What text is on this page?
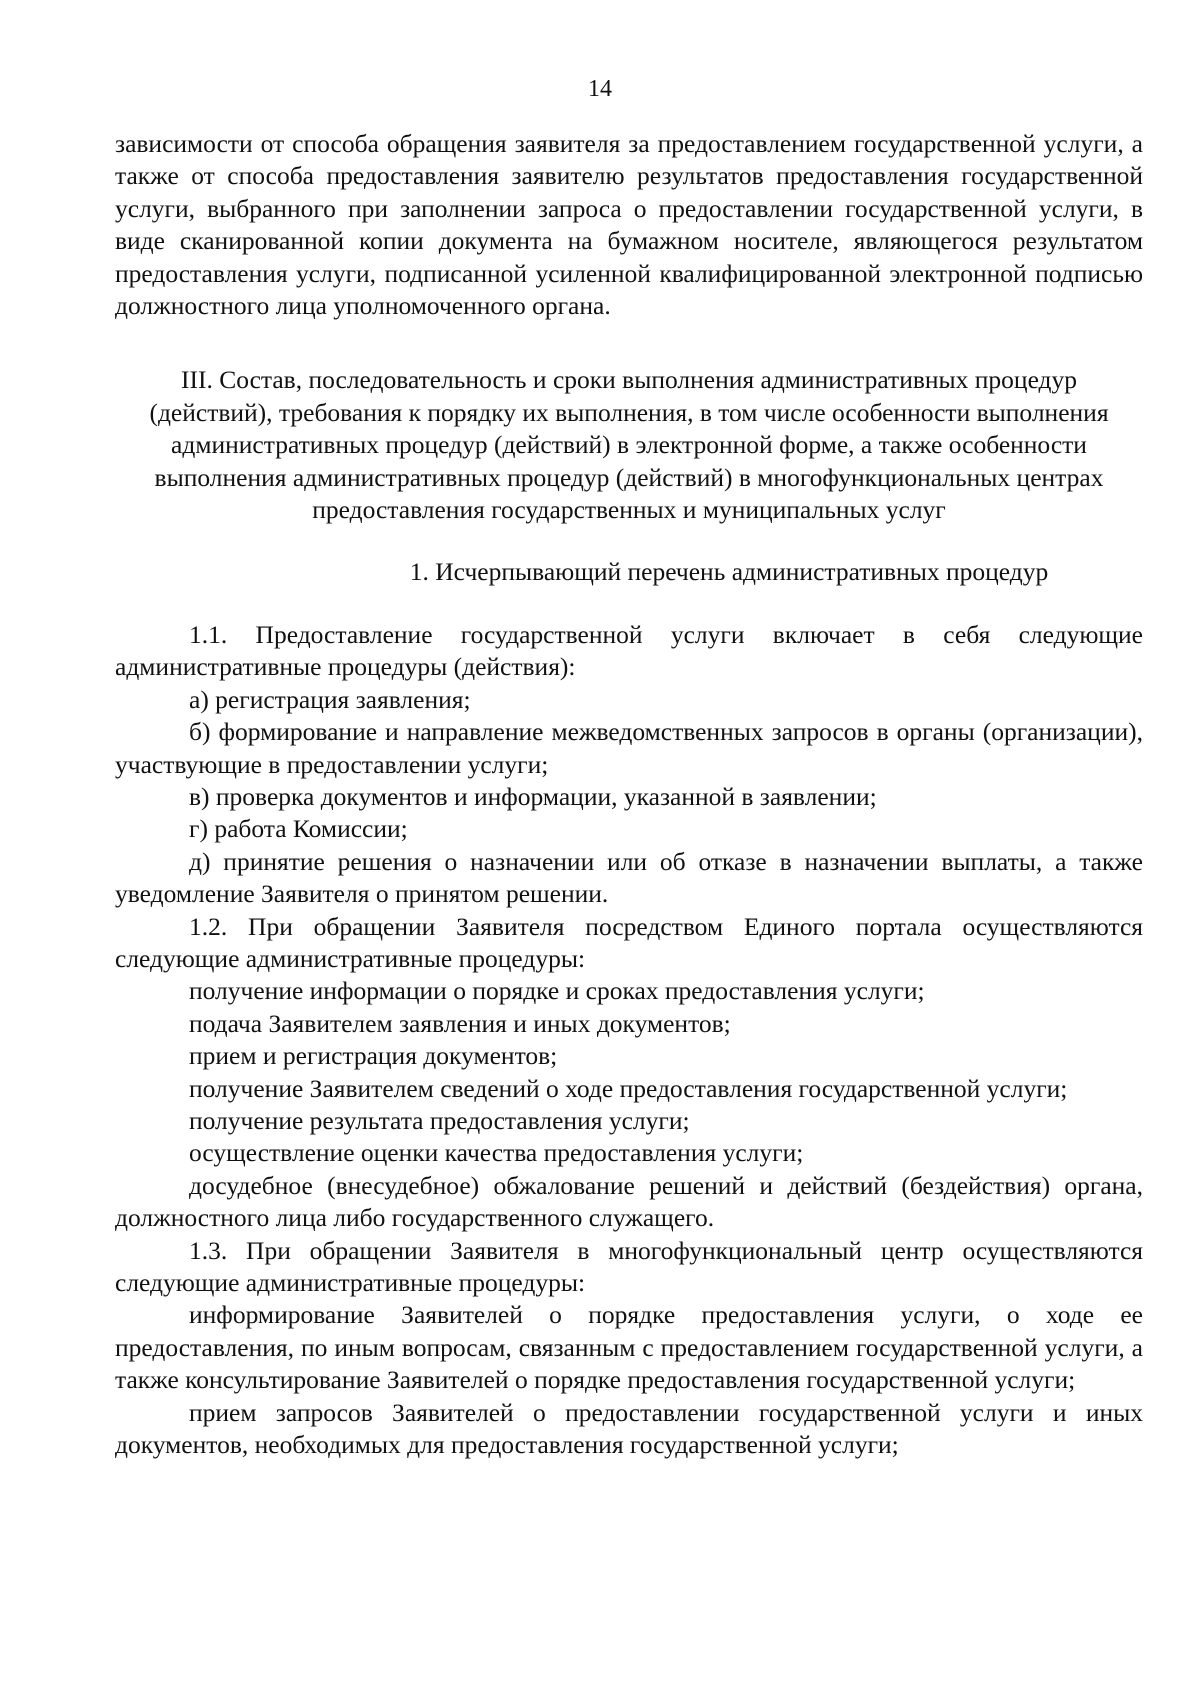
14

зависимости от способа обращения заявителя за предоставлением государственной услуги, а также от способа предоставления заявителю результатов предоставления государственной услуги, выбранного при заполнении запроса о предоставлении государственной услуги, в виде сканированной копии документа на бумажном носителе, являющегося результатом предоставления услуги, подписанной усиленной квалифицированной электронной подписью должностного лица уполномоченного органа.

III. Состав, последовательность и сроки выполнения административных процедур (действий), требования к порядку их выполнения, в том числе особенности выполнения административных процедур (действий) в электронной форме, а также особенности выполнения административных процедур (действий) в многофункциональных центрах предоставления государственных и муниципальных услуг

1. Исчерпывающий перечень административных процедур

1.1. Предоставление государственной услуги включает в себя следующие административные процедуры (действия):

а) регистрация заявления;

б) формирование и направление межведомственных запросов в органы (организации), участвующие в предоставлении услуги;

в) проверка документов и информации, указанной в заявлении;

г) работа Комиссии;

д) принятие решения о назначении или об отказе в назначении выплаты, а также уведомление Заявителя о принятом решении.

1.2. При обращении Заявителя посредством Единого портала осуществляются следующие административные процедуры:

получение информации о порядке и сроках предоставления услуги;

подача Заявителем заявления и иных документов;

прием и регистрация документов;

получение Заявителем сведений о ходе предоставления государственной услуги;

получение результата предоставления услуги;

осуществление оценки качества предоставления услуги;

досудебное (внесудебное) обжалование решений и действий (бездействия) органа, должностного лица либо государственного служащего.

1.3. При обращении Заявителя в многофункциональный центр осуществляются следующие административные процедуры:

информирование Заявителей о порядке предоставления услуги, о ходе ее предоставления, по иным вопросам, связанным с предоставлением государственной услуги, а также консультирование Заявителей о порядке предоставления государственной услуги;

прием запросов Заявителей о предоставлении государственной услуги и иных документов, необходимых для предоставления государственной услуги;
